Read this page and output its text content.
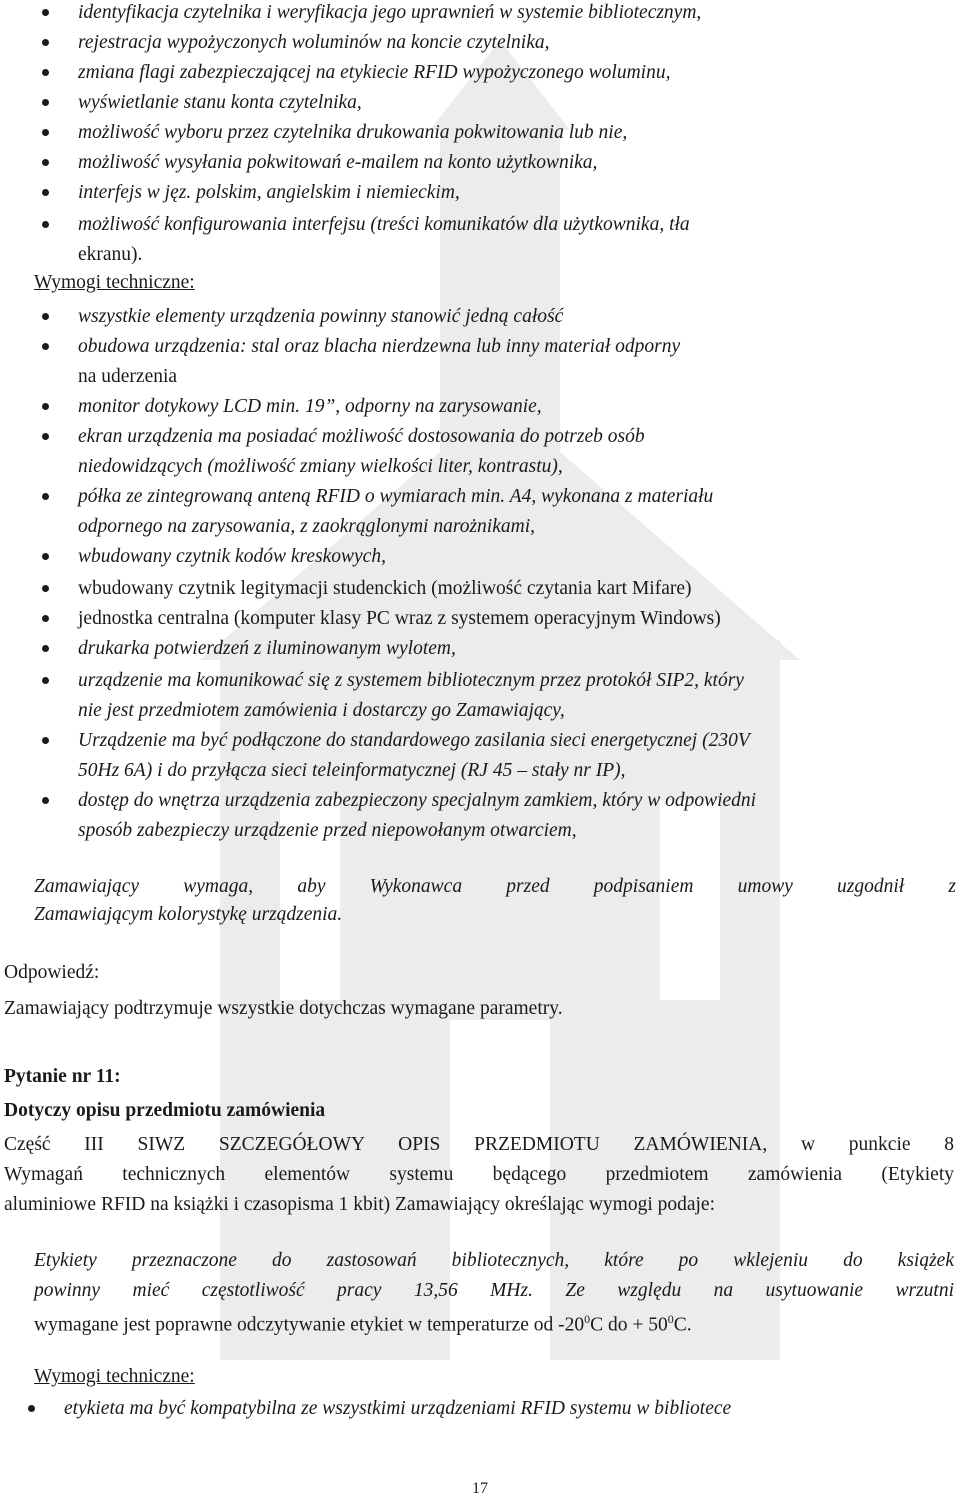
identyfikacja czytelnika i weryfikacja jego uprawnień w systemie bibliotecznym,
rejestracja wypożyczonych woluminów na koncie czytelnika,
zmiana flagi zabezpieczającej na etykiecie RFID wypożyczonego woluminu,
wyświetlanie stanu konta czytelnika,
możliwość wyboru przez czytelnika drukowania pokwitowania lub nie,
możliwość wysyłania pokwitowań e-mailem na konto użytkownika,
interfejs w jęz. polskim, angielskim i niemieckim,
możliwość konfigurowania interfejsu (treści komunikatów dla użytkownika, tła
ekranu).
Wymogi techniczne:
wszystkie elementy urządzenia powinny stanowić jedną całość
obudowa urządzenia: stal oraz blacha nierdzewna lub inny materiał odporny
na uderzenia
monitor dotykowy LCD min. 19”, odporny na zarysowanie,
ekran urządzenia ma posiadać możliwość dostosowania do potrzeb osób
niedowidzących (możliwość zmiany wielkości liter, kontrastu),
półka ze zintegrowaną anteną RFID o wymiarach min. A4, wykonana z materiału
odpornego na zarysowania, z zaokrąglonymi narożnikami,
wbudowany czytnik kodów kreskowych,
wbudowany czytnik legitymacji studenckich (możliwość czytania kart Mifare)
jednostka centralna (komputer klasy PC wraz z systemem operacyjnym Windows)
drukarka potwierdzeń z iluminowanym wylotem,
urządzenie ma komunikować się z systemem bibliotecznym przez protokół SIP2, który
nie jest przedmiotem zamówienia i dostarczy go Zamawiający,
Urządzenie ma być podłączone do standardowego zasilania sieci energetycznej (230V
50Hz 6A) i do przyłącza sieci teleinformatycznej (RJ 45 – stały nr IP),
dostęp do wnętrza urządzenia zabezpieczony specjalnym zamkiem, który w odpowiedni
sposób zabezpieczy urządzenie przed niepowołanym otwarciem,
Zamawiający wymaga, aby Wykonawca przed podpisaniem umowy uzgodnił z
Zamawiającym kolorystykę urządzenia.
Odpowiedź:
Zamawiający podtrzymuje wszystkie dotychczas wymagane parametry.
Pytanie nr 11:
Dotyczy opisu przedmiotu zamówienia
Część III SIWZ SZCZEGÓŁOWY OPIS PRZEDMIOTU ZAMÓWIENIA, w punkcie 8
Wymagań technicznych elementów systemu będącego przedmiotem zamówienia (Etykiety
aluminiowe RFID na książki i czasopisma 1 kbit) Zamawiający określając wymogi podaje:
Etykiety przeznaczone do zastosowań bibliotecznych, które po wklejeniu do książek
powinny mieć częstotliwość pracy 13,56 MHz. Ze względu na usytuowanie wrzutni
wymagane jest poprawne odczytywanie etykiet w temperaturze od $-20^0C$ do + $50^0C$.
Wymogi techniczne:
etykieta ma być kompatybilna ze wszystkimi urządzeniami RFID systemu w bibliotece
17
